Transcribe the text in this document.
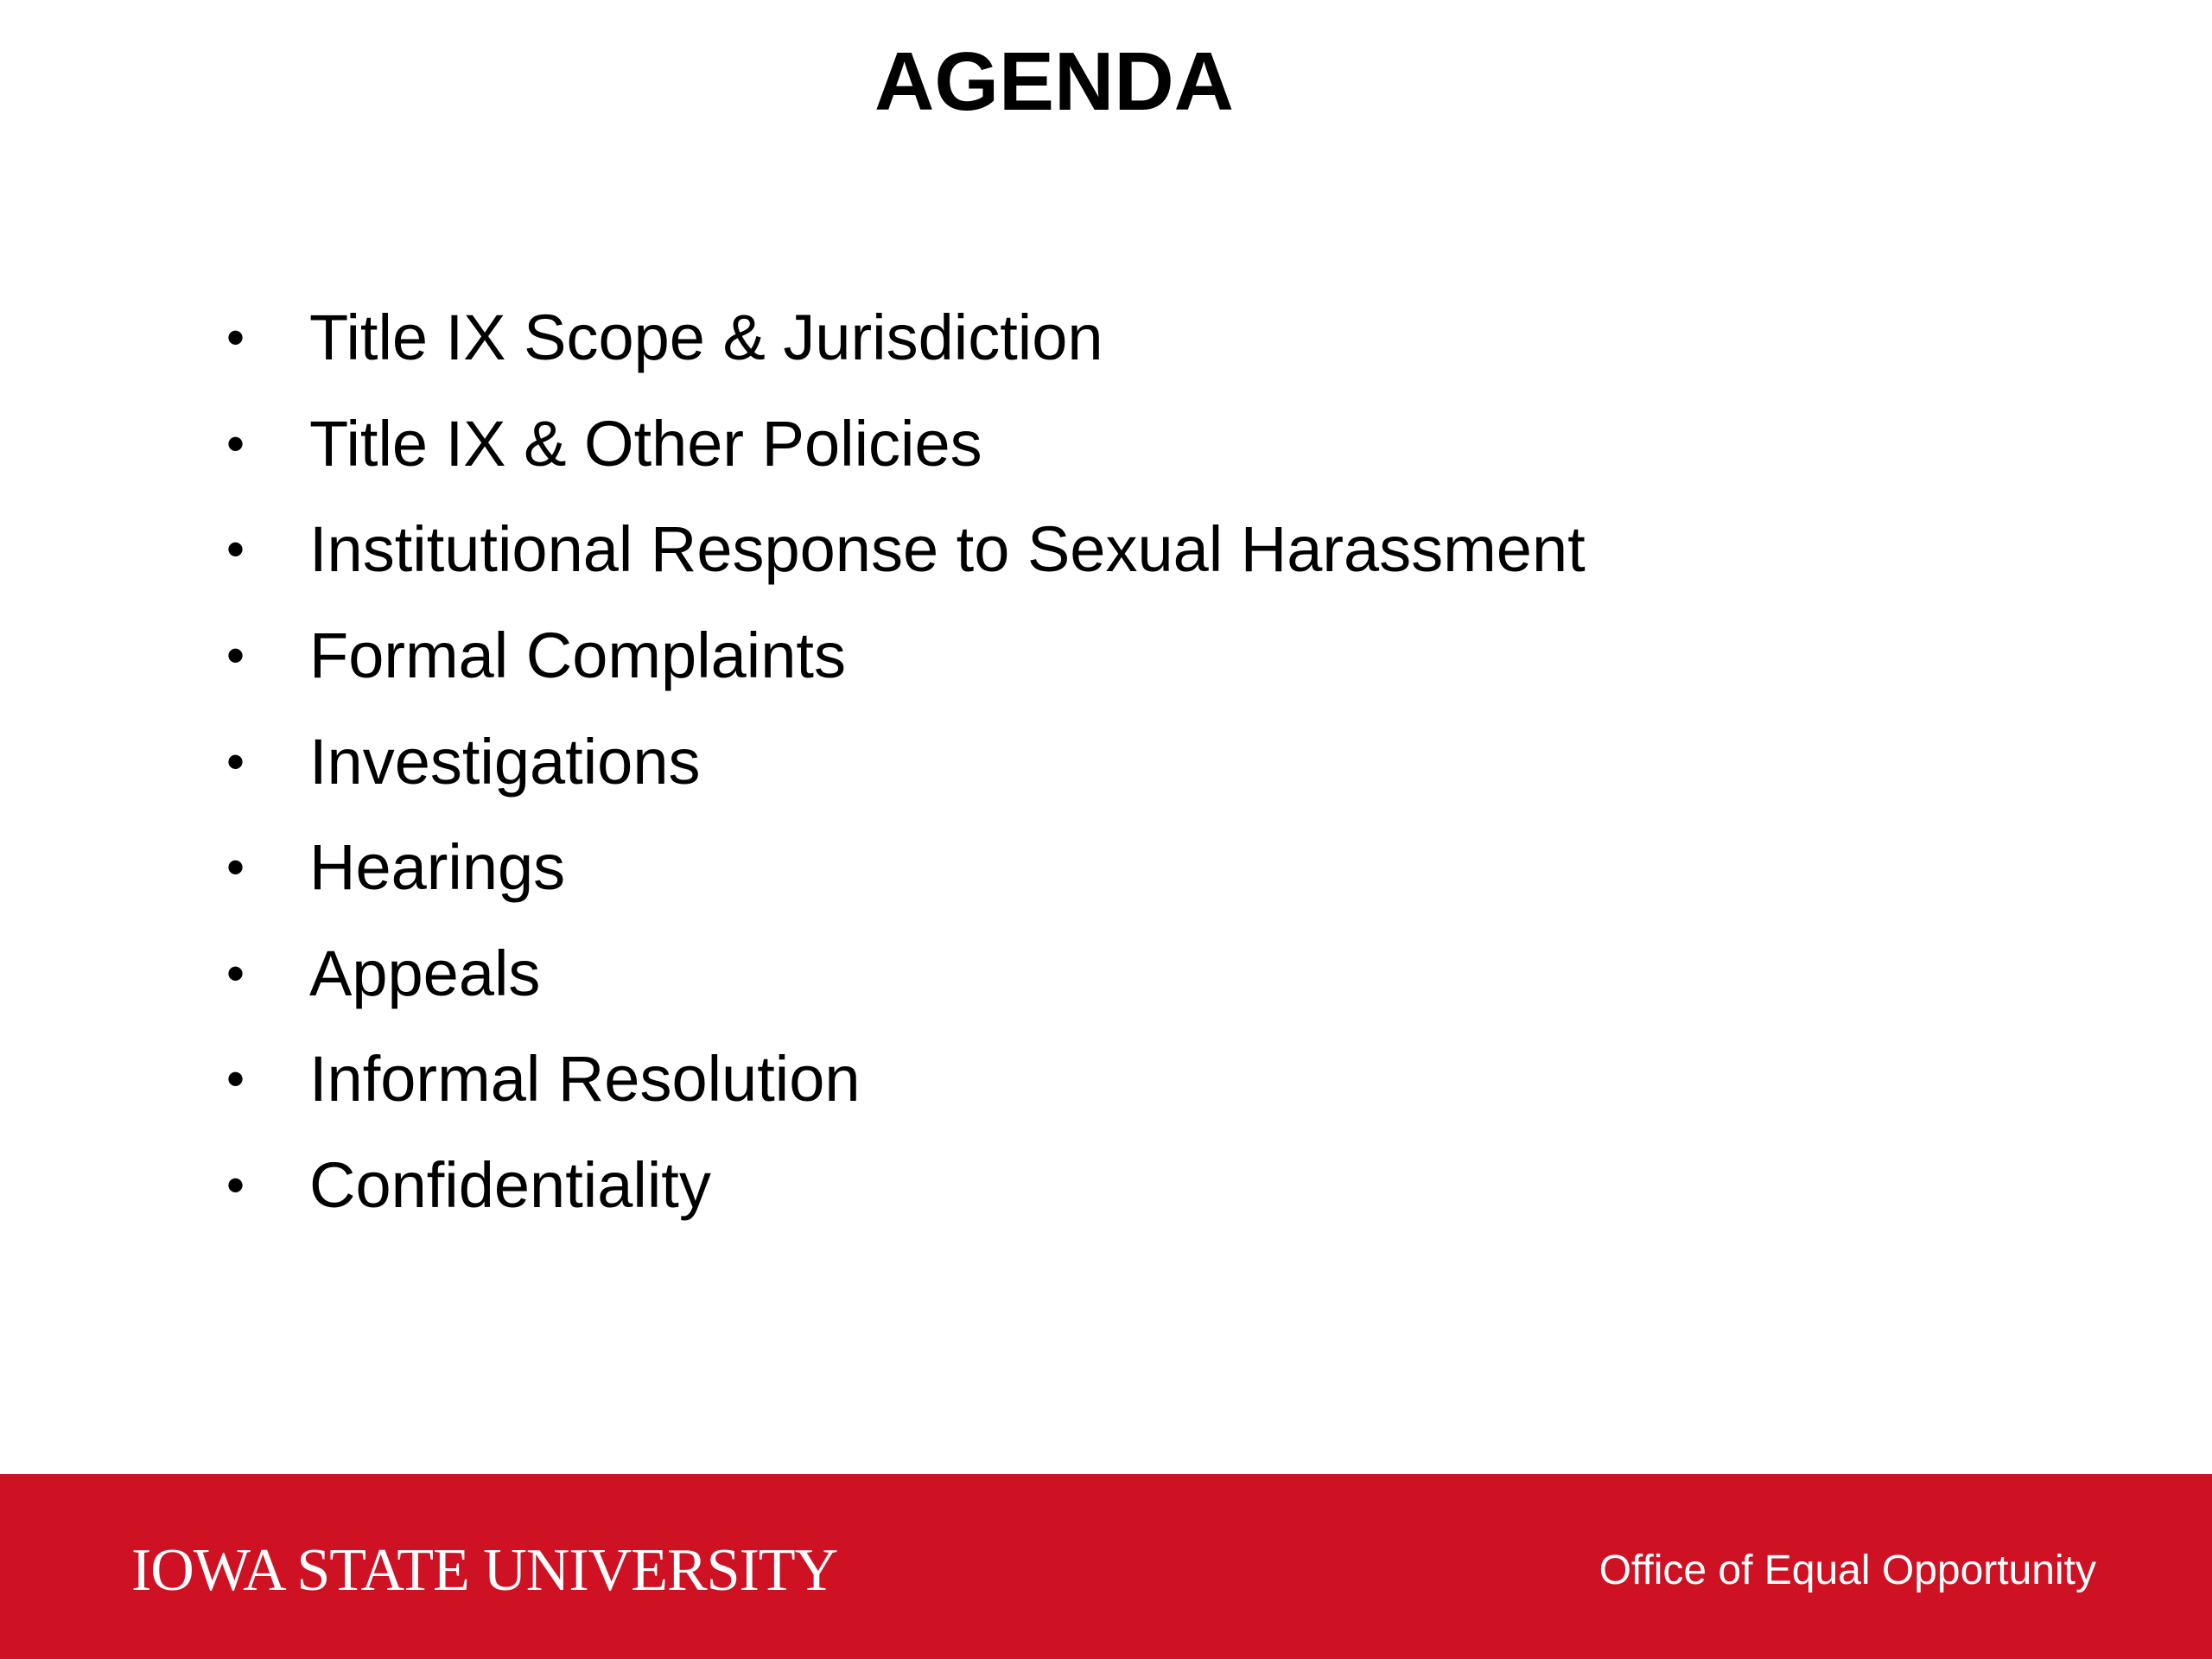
AGENDA
•	Title IX Scope & Jurisdiction
•	Title IX & Other Policies
•	Institutional Response to Sexual Harassment
•	Formal Complaints
•	Investigations
•	Hearings
•	Appeals
•	Informal Resolution
•	Confidentiality

IOWA STATE UNIVERSITY	Office of Equal Opportunity
